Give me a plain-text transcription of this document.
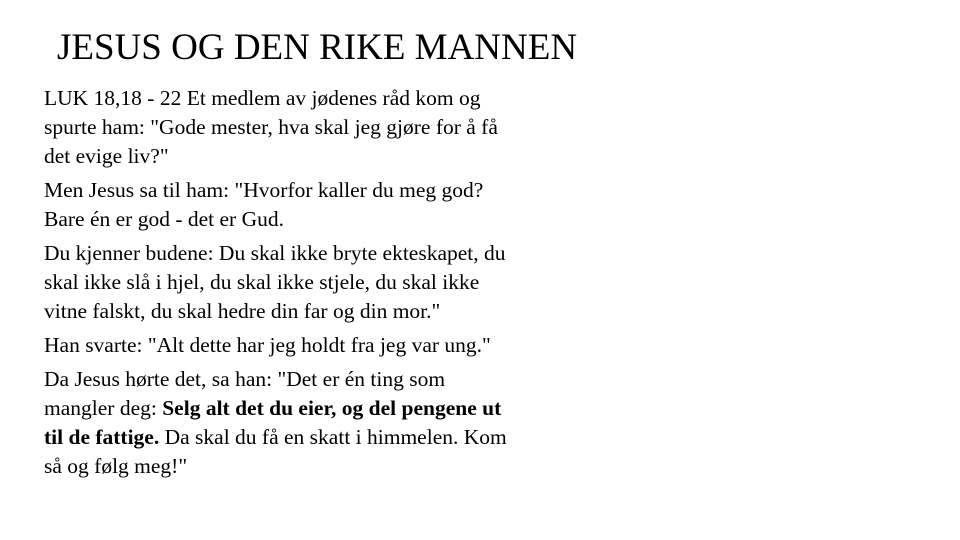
JESUS OG DEN RIKE MANNEN

LUK 18,18 - 22 Et medlem av jødenes råd kom og spurte ham: "Gode mester, hva skal jeg gjøre for å få det evige liv?"

Men Jesus sa til ham: "Hvorfor kaller du meg god? Bare én er god - det er Gud.

Du kjenner budene: Du skal ikke bryte ekteskapet, du skal ikke slå i hjel, du skal ikke stjele, du skal ikke vitne falskt, du skal hedre din far og din mor."

Han svarte: "Alt dette har jeg holdt fra jeg var ung."

Da Jesus hørte det, sa han: "Det er én ting som mangler deg: Selg alt det du eier, og del pengene ut til de fattige. Da skal du få en skatt i himmelen. Kom så og følg meg!"
